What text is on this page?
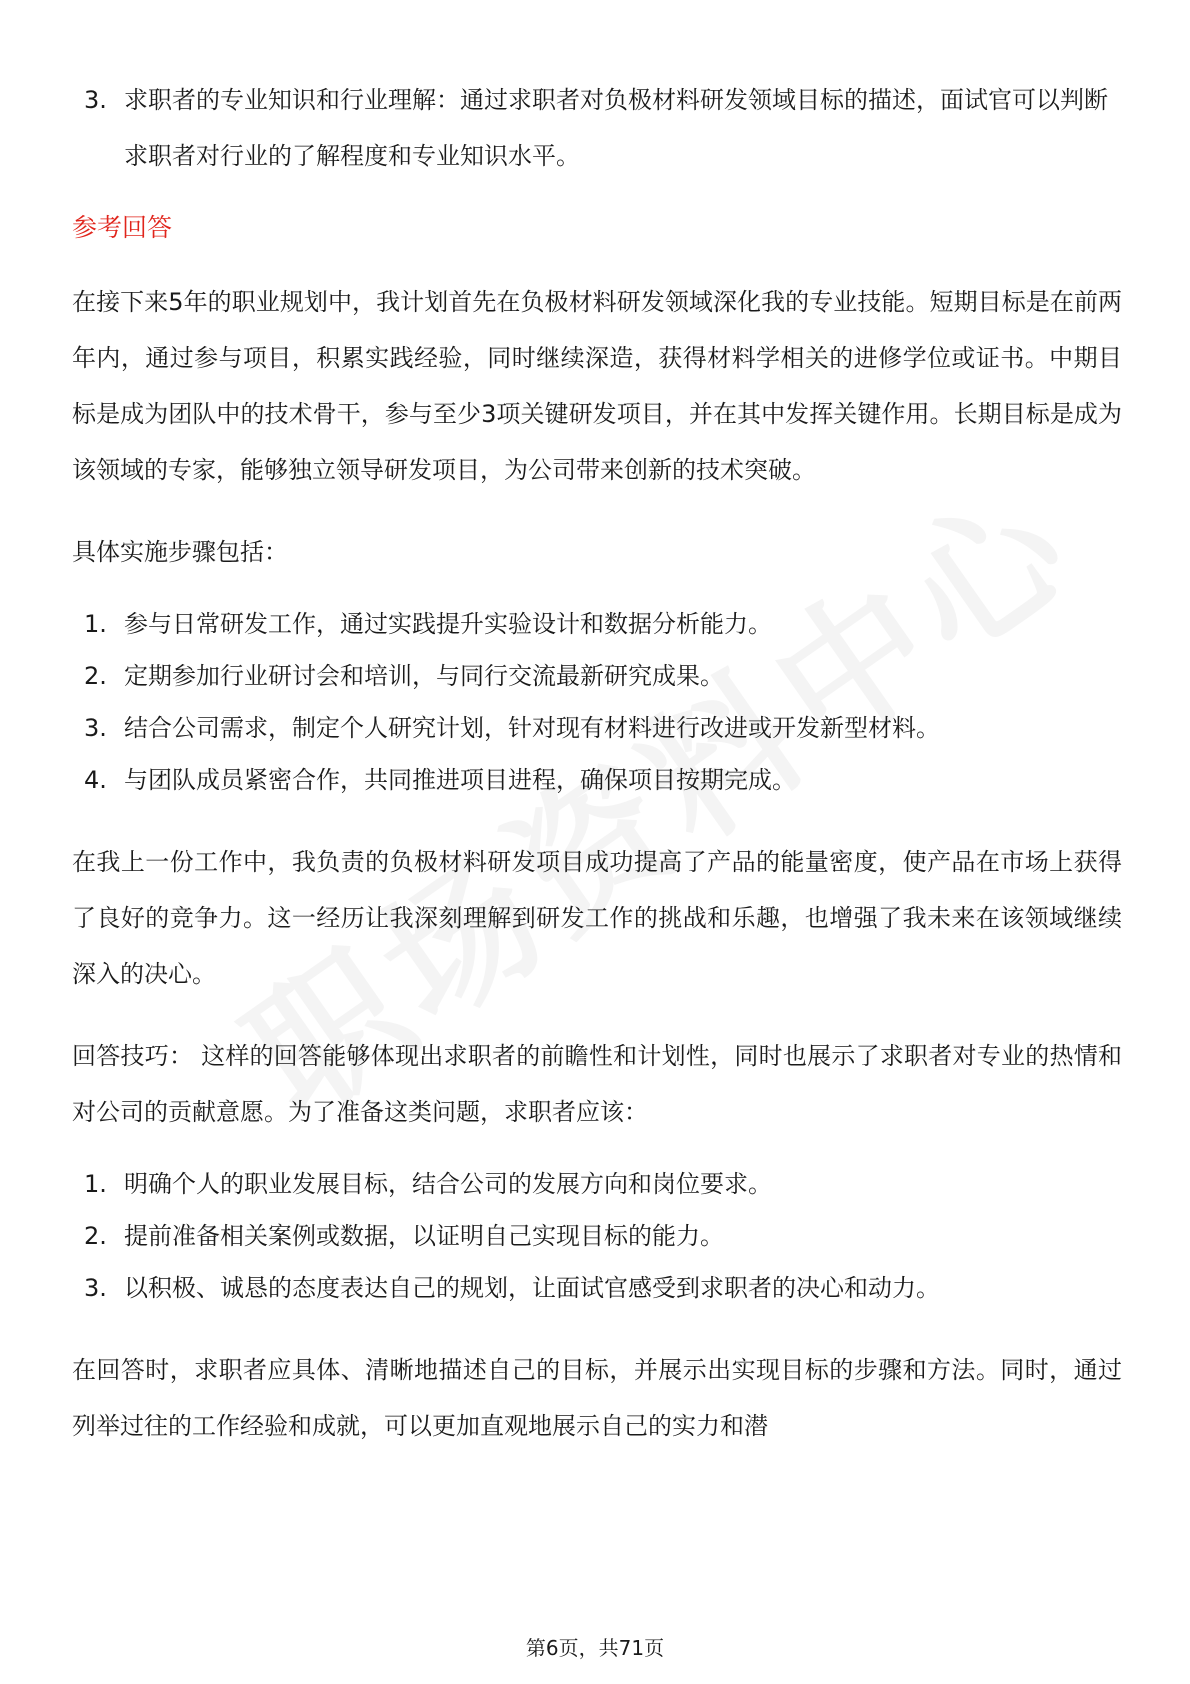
3. 求职者的专业知识和行业理解：通过求职者对负极材料研发领域目标的描述，面试官可以判断求职者对行业的了解程度和专业知识水平。
参考回答

在接下来5年的职业规划中，我计划首先在负极材料研发领域深化我的专业技能。短期目标是在前两年内，通过参与项目，积累实践经验，同时继续深造，获得材料学相关的进修学位或证书。中期目标是成为团队中的技术骨干，参与至少3项关键研发项目，并在其中发挥关键作用。长期目标是成为该领域的专家，能够独立领导研发项目，为公司带来创新的技术突破。

具体实施步骤包括：

1. 参与日常研发工作，通过实践提升实验设计和数据分析能力。
2. 定期参加行业研讨会和培训，与同行交流最新研究成果。
3. 结合公司需求，制定个人研究计划，针对现有材料进行改进或开发新型材料。
4. 与团队成员紧密合作，共同推进项目进程，确保项目按期完成。

在我上一份工作中，我负责的负极材料研发项目成功提高了产品的能量密度，使产品在市场上获得了良好的竞争力。这一经历让我深刻理解到研发工作的挑战和乐趣，也增强了我未来在该领域继续深入的决心。

回答技巧： 这样的回答能够体现出求职者的前瞻性和计划性，同时也展示了求职者对专业的热情和对公司的贡献意愿。为了准备这类问题，求职者应该：

1. 明确个人的职业发展目标，结合公司的发展方向和岗位要求。
2. 提前准备相关案例或数据，以证明自己实现目标的能力。
3. 以积极、诚恳的态度表达自己的规划，让面试官感受到求职者的决心和动力。

在回答时，求职者应具体、清晰地描述自己的目标，并展示出实现目标的步骤和方法。同时，通过列举过往的工作经验和成就，可以更加直观地展示自己的实力和潜

第6页，共71页
